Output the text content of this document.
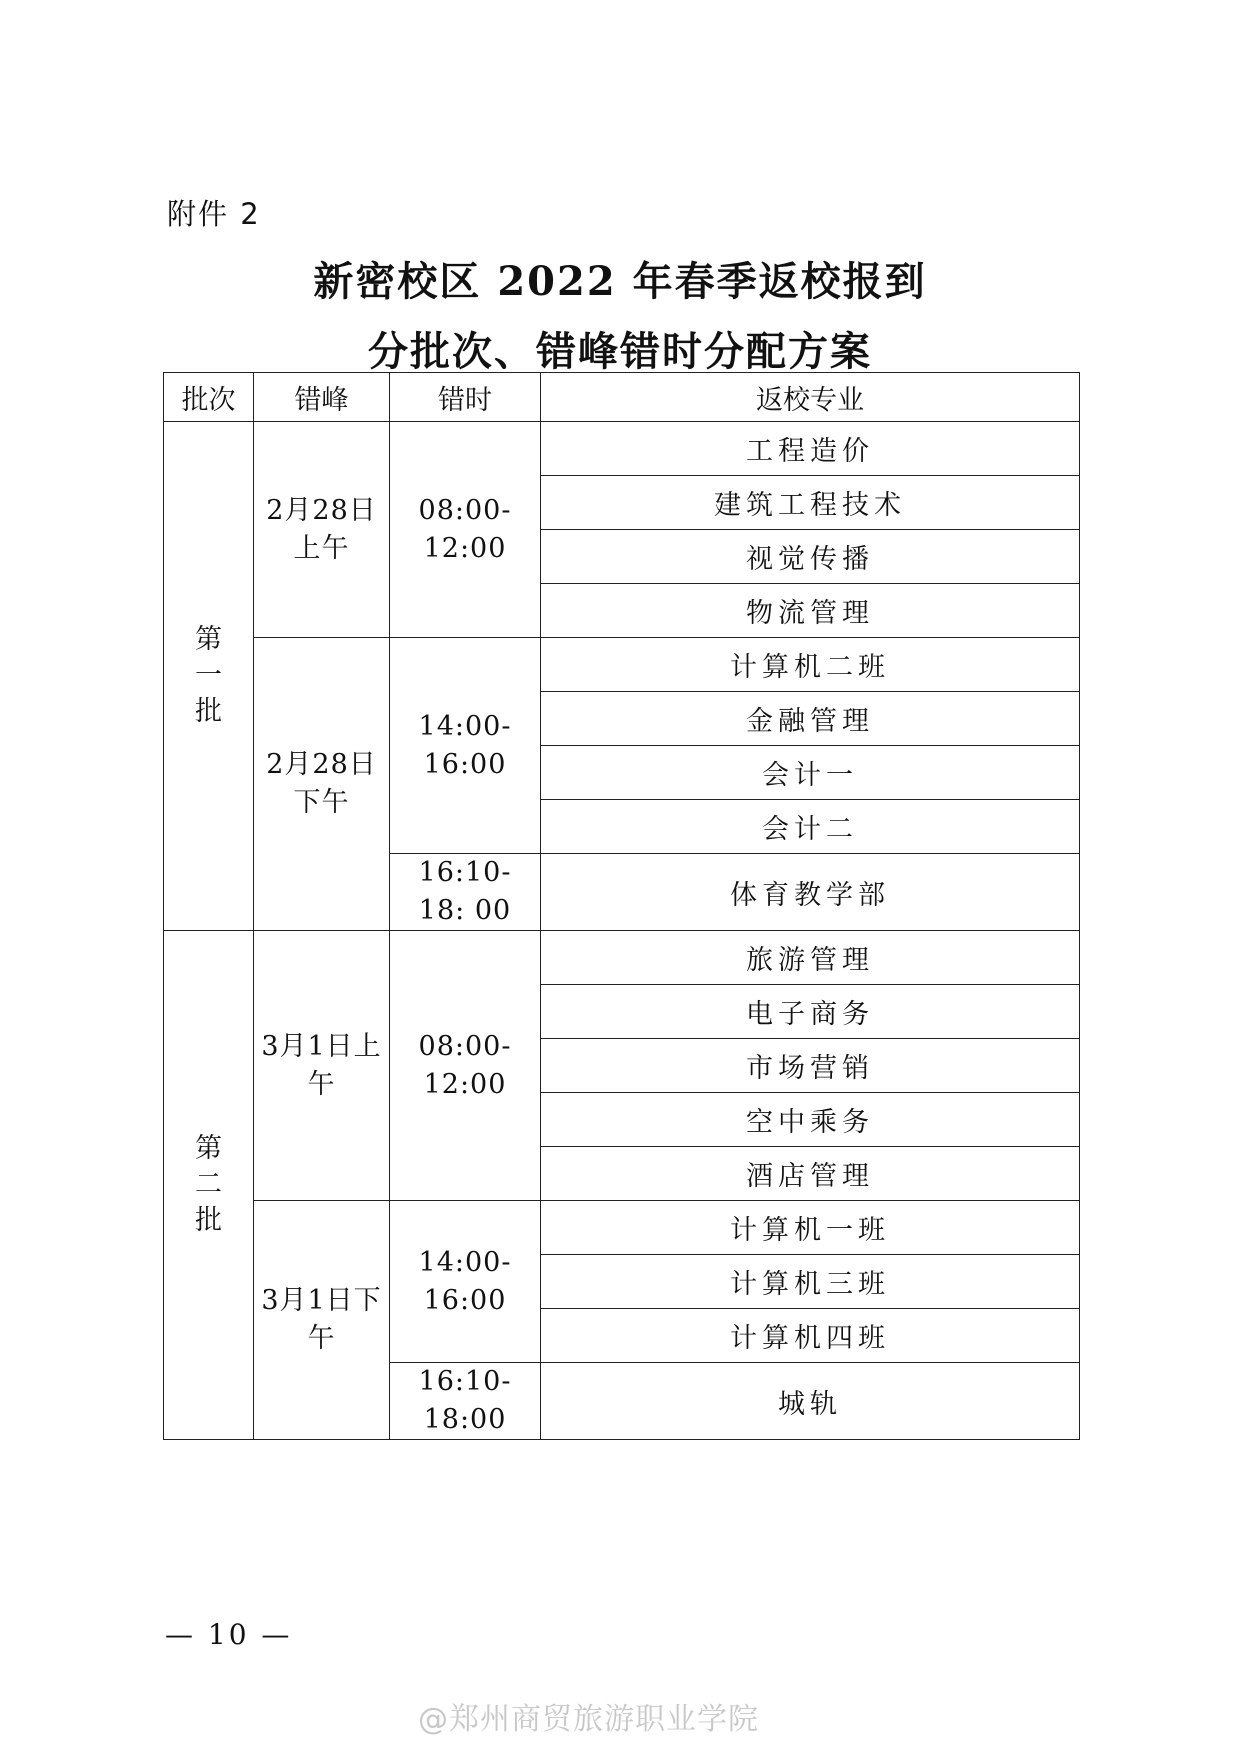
附件 2
新密校区 2022 年春季返校报到
分批次、错峰错时分配方案
批次	错峰	错时	返校专业
第一批	2月28日上午	08:00-12:00	工程造价
			建筑工程技术
			视觉传播
			物流管理
	2月28日下午	14:00-16:00	计算机二班
			金融管理
			会计一
			会计二
		16:10-18: 00	体育教学部
第二批	3月1日上午	08:00-12:00	旅游管理
			电子商务
			市场营销
			空中乘务
			酒店管理
	3月1日下午	14:00-16:00	计算机一班
			计算机三班
			计算机四班
		16:10-18:00	城轨
— 10 —
@郑州商贸旅游职业学院
